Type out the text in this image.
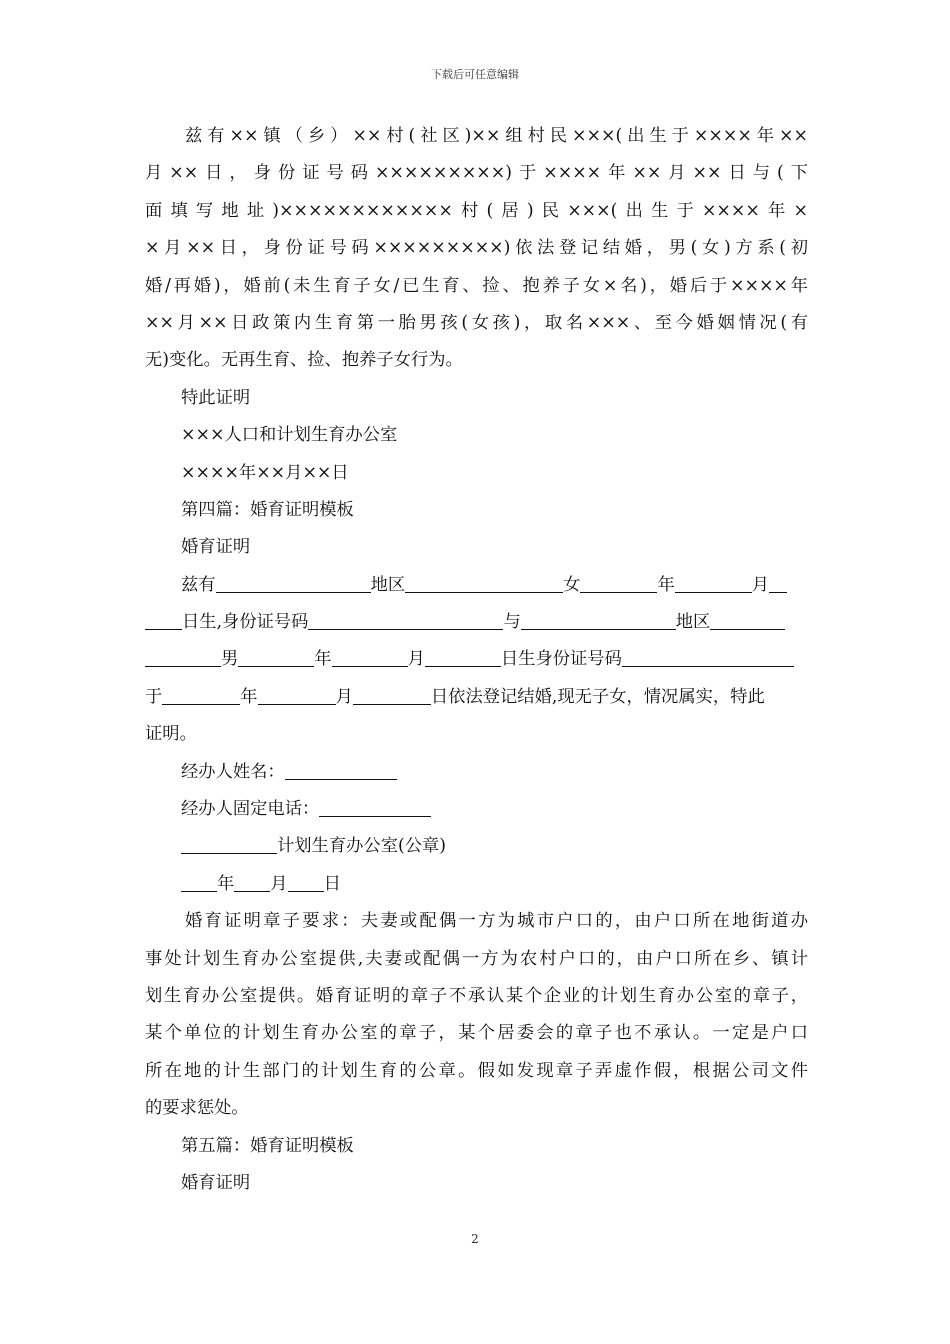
下载后可任意编辑
兹有××镇（乡）××村(社区)××组村民×××(出生于××××年××
月××日，身份证号码×××××××××)于××××年××月××日与(下
面填写地址)××××××××××××村(居)民×××(出生于××××年×
×月××日，身份证号码×××××××××)依法登记结婚，男(女)方系(初
婚/再婚)，婚前(未生育子女/已生育、捡、抱养子女×名)，婚后于××××年
××月××日政策内生育第一胎男孩(女孩)，取名×××、至今婚姻情况(有
无)变化。无再生育、捡、抱养子女行为。
特此证明
×××人口和计划生育办公室
××××年××月××日
第四篇：婚育证明模板
婚育证明
兹有	地区	女	年	月
日生,身份证号码	与	地区
男	年	月	日生身份证号码
于	年	月	日依法登记结婚,现无子女，情况属实，特此
证明。
经办人姓名：
经办人固定电话：
计划生育办公室(公章)
年 月 日
婚育证明章子要求：夫妻或配偶一方为城市户口的，由户口所在地街道办
事处计划生育办公室提供,夫妻或配偶一方为农村户口的，由户口所在乡、镇计
划生育办公室提供。婚育证明的章子不承认某个企业的计划生育办公室的章子，
某个单位的计划生育办公室的章子，某个居委会的章子也不承认。一定是户口
所在地的计生部门的计划生育的公章。假如发现章子弄虚作假，根据公司文件
的要求惩处。
第五篇：婚育证明模板
婚育证明
2
